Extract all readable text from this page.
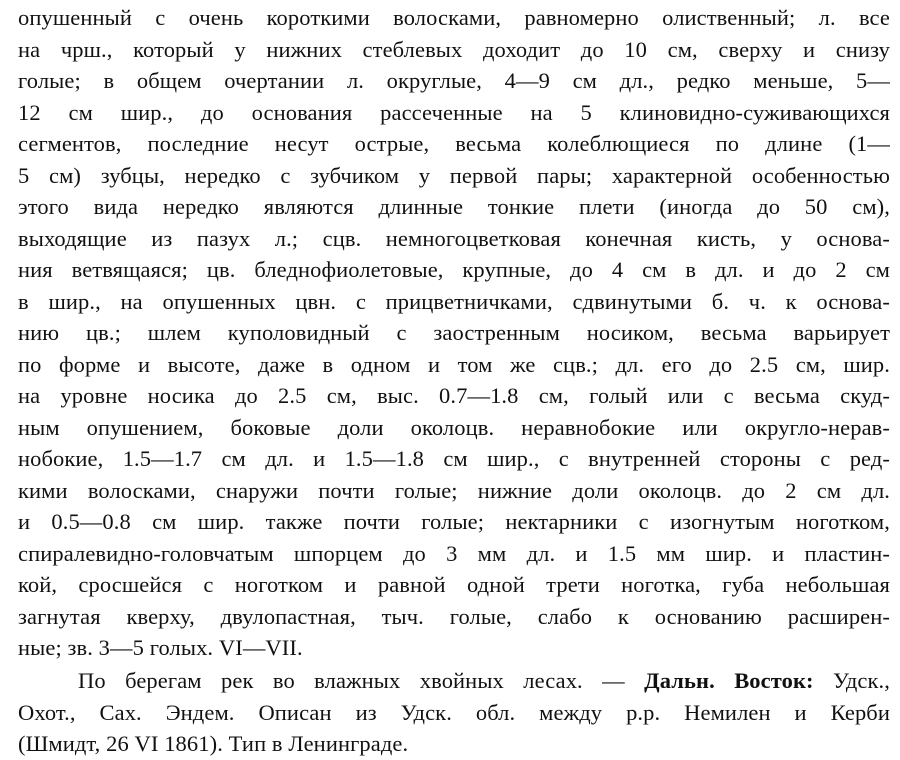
опушенный с очень короткими волосками, равномерно олиственный; л. все
на чрш., который у нижних стеблевых доходит до 10 см, сверху и снизу
голые; в общем очертании л. округлые, 4—9 см дл., редко меньше, 5—
12 см шир., до основания рассеченные на 5 клиновидно-суживающихся
сегментов, последние несут острые, весьма колеблющиеся по длине (1—
5 см) зубцы, нередко с зубчиком у первой пары; характерной особенностью
этого вида нередко являются длинные тонкие плети (иногда до 50 см),
выходящие из пазух л.; сцв. немногоцветковая конечная кисть, у основа-
ния ветвящаяся; цв. бледнофиолетовые, крупные, до 4 см в дл. и до 2 см
в шир., на опушенных цвн. с прицветничками, сдвинутыми б. ч. к основа-
нию цв.; шлем куполовидный с заостренным носиком, весьма варьирует
по форме и высоте, даже в одном и том же сцв.; дл. его до 2.5 см, шир.
на уровне носика до 2.5 см, выс. 0.7—1.8 см, голый или с весьма скуд-
ным опушением, боковые доли околоцв. неравнобокие или округло-нерав-
нобокие, 1.5—1.7 см дл. и 1.5—1.8 см шир., с внутренней стороны с ред-
кими волосками, снаружи почти голые; нижние доли околоцв. до 2 см дл.
и 0.5—0.8 см шир. также почти голые; нектарники с изогнутым ноготком,
спиралевидно-головчатым шпорцем до 3 мм дл. и 1.5 мм шир. и пластин-
кой, сросшейся с ноготком и равной одной трети ноготка, губа небольшая
загнутая кверху, двулопастная, тыч. голые, слабо к основанию расширен-
ные; зв. 3—5 голых. VI—VII.
По берегам рек во влажных хвойных лесах. — Дальн. Восток: Удск.,
Охот., Сах. Эндем. Описан из Удск. обл. между р.р. Немилен и Керби
(Шмидт, 26 VI 1861). Тип в Ленинграде.
